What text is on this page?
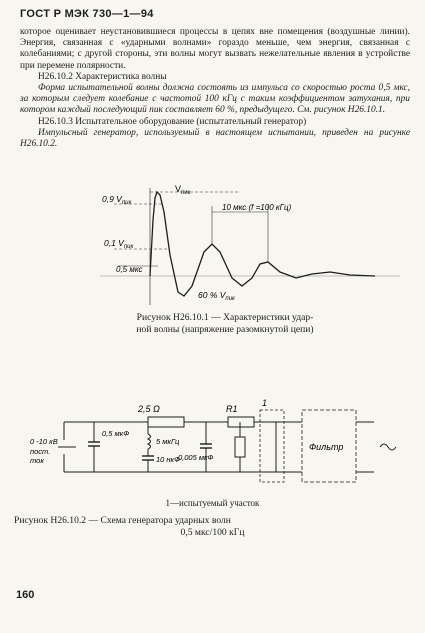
ГОСТ Р МЭК 730—1—94
которое оценивает неустановившиеся процессы в цепях вне помещения (воздушные линии). Энергия, связанная с «ударными волнами» гораздо меньше, чем энергия, связанная с колебаниями; с другой стороны, эти волны могут вызвать нежелательные явления в устройстве при перемене полярности.
Н26.10.2 Характеристика волны
Форма испытательной волны должна состоять из импульса со скоростью роста 0,5 мкс, за которым следует колебание с частотой 100 кГц с таким коэффициентом затухания, при котором каждый последующий пик составляет 60 %, предыдущего. См. рисунок Н26.10.1.
Н26.10.3 Испытательное оборудование (испытательный генератор)
Импульсный генератор, используемый в настоящем испытании, приведен на рисунке Н26.10.2.
$V_{пик}$
0,9 $V_{пик}$
0,1 $V_{пик}$
0,5 мкс
10 мкс (f =100 кГц)
60 % $V_{пик}$
Рисунок Н26.10.1 — Характеристики удар-
ной волны (напряжение разомкнутой цепи)
2,5 Ω	R1
1
0 -10 кВ
пост.
ток
0,5 мкФ
5 мкГц
10 нкФ
0,005 мкФ
Фильтр
1—испытуемый участок
Рисунок Н26.10.2 — Схема генератора ударных волн
0,5 мкс/100 кГц
160
